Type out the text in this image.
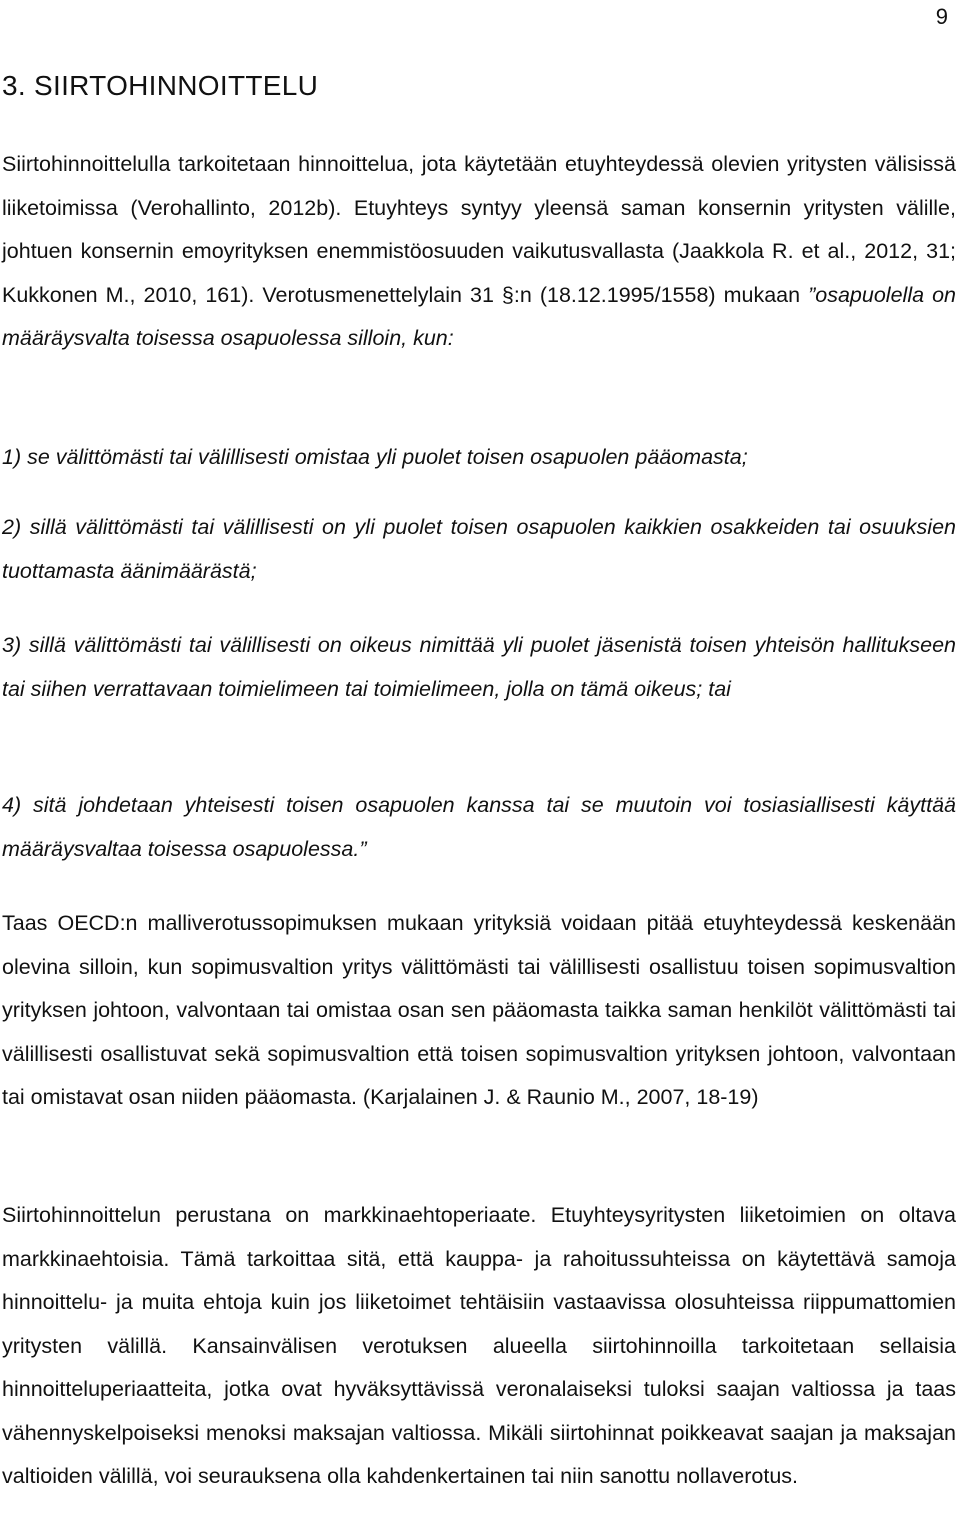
9
3. SIIRTOHINNOITTELU

Siirtohinnoittelulla tarkoitetaan hinnoittelua, jota käytetään etuyhteydessä olevien yritysten välisissä liiketoimissa (Verohallinto, 2012b). Etuyhteys syntyy yleensä saman konsernin yritysten välille, johtuen konsernin emoyrityksen enemmistöosuuden vaikutusvallasta (Jaakkola R. et al., 2012, 31; Kukkonen M., 2010, 161). Verotusmenettelylain 31 §:n (18.12.1995/1558) mukaan ”osapuolella on määräysvalta toisessa osapuolessa silloin, kun:

1) se välittömästi tai välillisesti omistaa yli puolet toisen osapuolen pääomasta;

2) sillä välittömästi tai välillisesti on yli puolet toisen osapuolen kaikkien osakkeiden tai osuuksien tuottamasta äänimäärästä;

3) sillä välittömästi tai välillisesti on oikeus nimittää yli puolet jäsenistä toisen yhteisön hallitukseen tai siihen verrattavaan toimielimeen tai toimielimeen, jolla on tämä oikeus; tai

4) sitä johdetaan yhteisesti toisen osapuolen kanssa tai se muutoin voi tosiasiallisesti käyttää määräysvaltaa toisessa osapuolessa.”

Taas OECD:n malliverotussopimuksen mukaan yrityksiä voidaan pitää etuyhteydessä keskenään olevina silloin, kun sopimusvaltion yritys välittömästi tai välillisesti osallistuu toisen sopimusvaltion yrityksen johtoon, valvontaan tai omistaa osan sen pääomasta taikka saman henkilöt välittömästi tai välillisesti osallistuvat sekä sopimusvaltion että toisen sopimusvaltion yrityksen johtoon, valvontaan tai omistavat osan niiden pääomasta. (Karjalainen J. & Raunio M., 2007, 18-19)

Siirtohinnoittelun perustana on markkinaehtoperiaate. Etuyhteysyritysten liiketoimien on oltava markkinaehtoisia. Tämä tarkoittaa sitä, että kauppa- ja rahoitussuhteissa on käytettävä samoja hinnoittelu- ja muita ehtoja kuin jos liiketoimet tehtäisiin vastaavissa olosuhteissa riippumattomien yritysten välillä. Kansainvälisen verotuksen alueella siirtohinnoilla tarkoitetaan sellaisia hinnoitteluperiaatteita, jotka ovat hyväksyttävissä veronalaiseksi tuloksi saajan valtiossa ja taas vähennyskelpoiseksi menoksi maksajan valtiossa. Mikäli siirtohinnat poikkeavat saajan ja maksajan valtioiden välillä, voi seurauksena olla kahdenkertainen tai niin sanottu nollaverotus.
